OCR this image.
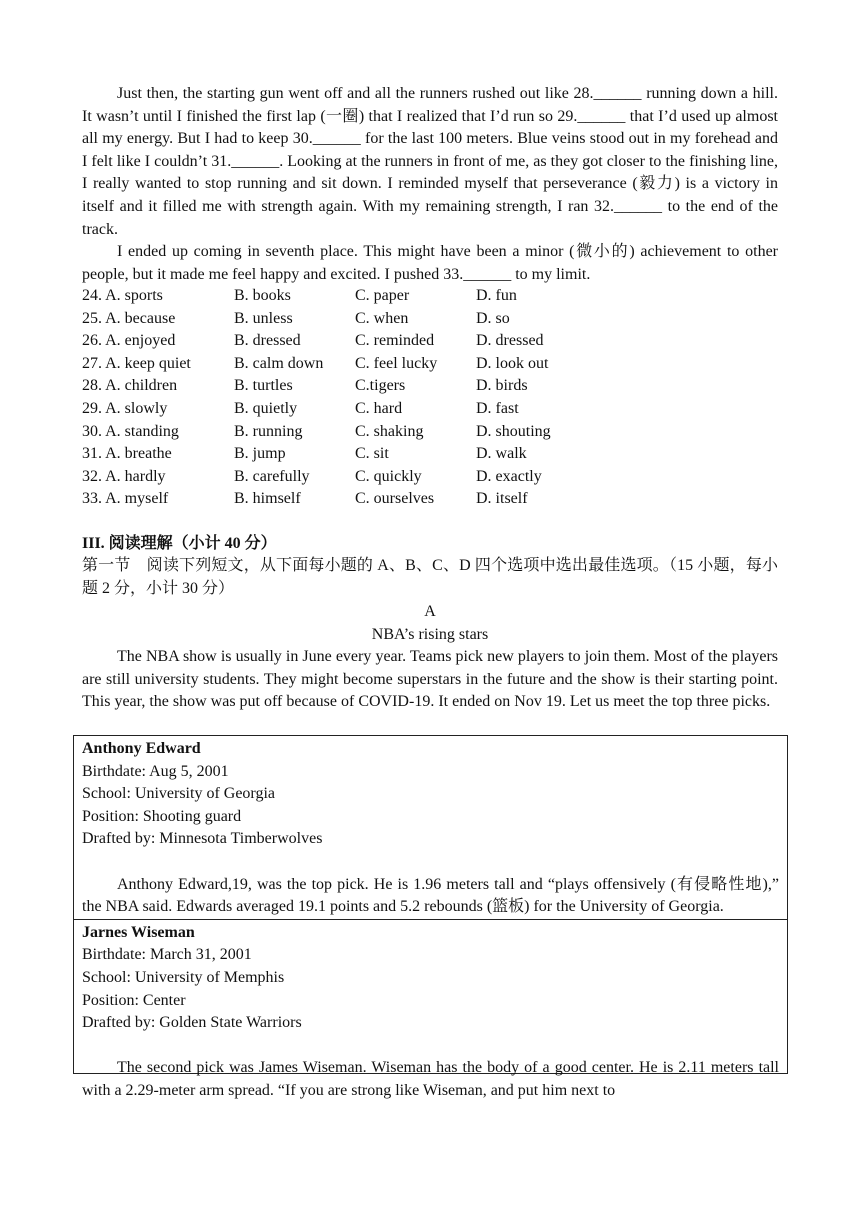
Just then, the starting gun went off and all the runners rushed out like 28.______ running down a hill. It wasn’t until I finished the first lap (一圈) that I realized that I’d run so 29.______ that I’d used up almost all my energy. But I had to keep 30.______ for the last 100 meters. Blue veins stood out in my forehead and I felt like I couldn’t 31.______. Looking at the runners in front of me, as they got closer to the finishing line, I really wanted to stop running and sit down. I reminded myself that perseverance (毅力) is a victory in itself and it filled me with strength again. With my remaining strength, I ran 32.______ to the end of the track.

I ended up coming in seventh place. This might have been a minor (微小的) achievement to other people, but it made me feel happy and excited. I pushed 33.______ to my limit.

24. A. sports	B. books	C. paper	D. fun
25. A. because	B. unless	C. when	D. so
26. A. enjoyed	B. dressed	C. reminded	D. dressed
27. A. keep quiet	B. calm down C. feel lucky D. look out
28. A. children	B. turtles	C.tigers	D. birds
29. A. slowly	B. quietly	C. hard	D. fast
30. A. standing	B. running	C. shaking	D. shouting
31. A. breathe	B. jump	C. sit	D. walk
32. A. hardly	B. carefully	C. quickly	D. exactly
33. A. myself	B. himself	C. ourselves	D. itself
III. 阅读理解（小计 40 分）

第一节　阅读下列短文，从下面每小题的 A、B、C、D 四个选项中选出最佳选项。（15 小题，每小题 2 分，小计 30 分）

A
NBA’s rising stars

The NBA show is usually in June every year. Teams pick new players to join them. Most of the players are still university students. They might become superstars in the future and the show is their starting point. This year, the show was put off because of COVID-19. It ended on Nov 19. Let us meet the top three picks.

Anthony Edward
Birthdate: Aug 5, 2001
School: University of Georgia
Position: Shooting guard
Drafted by: Minnesota Timberwolves

Anthony Edward,19, was the top pick. He is 1.96 meters tall and “plays offensively (有侵略性地),” the NBA said. Edwards averaged 19.1 points and 5.2 rebounds (篮板) for the University of Georgia.

Jarnes Wiseman
Birthdate: March 31, 2001
School: University of Memphis
Position: Center
Drafted by: Golden State Warriors

The second pick was James Wiseman. Wiseman has the body of a good center. He is 2.11 meters tall with a 2.29-meter arm spread. “If you are strong like Wiseman, and put him next to
